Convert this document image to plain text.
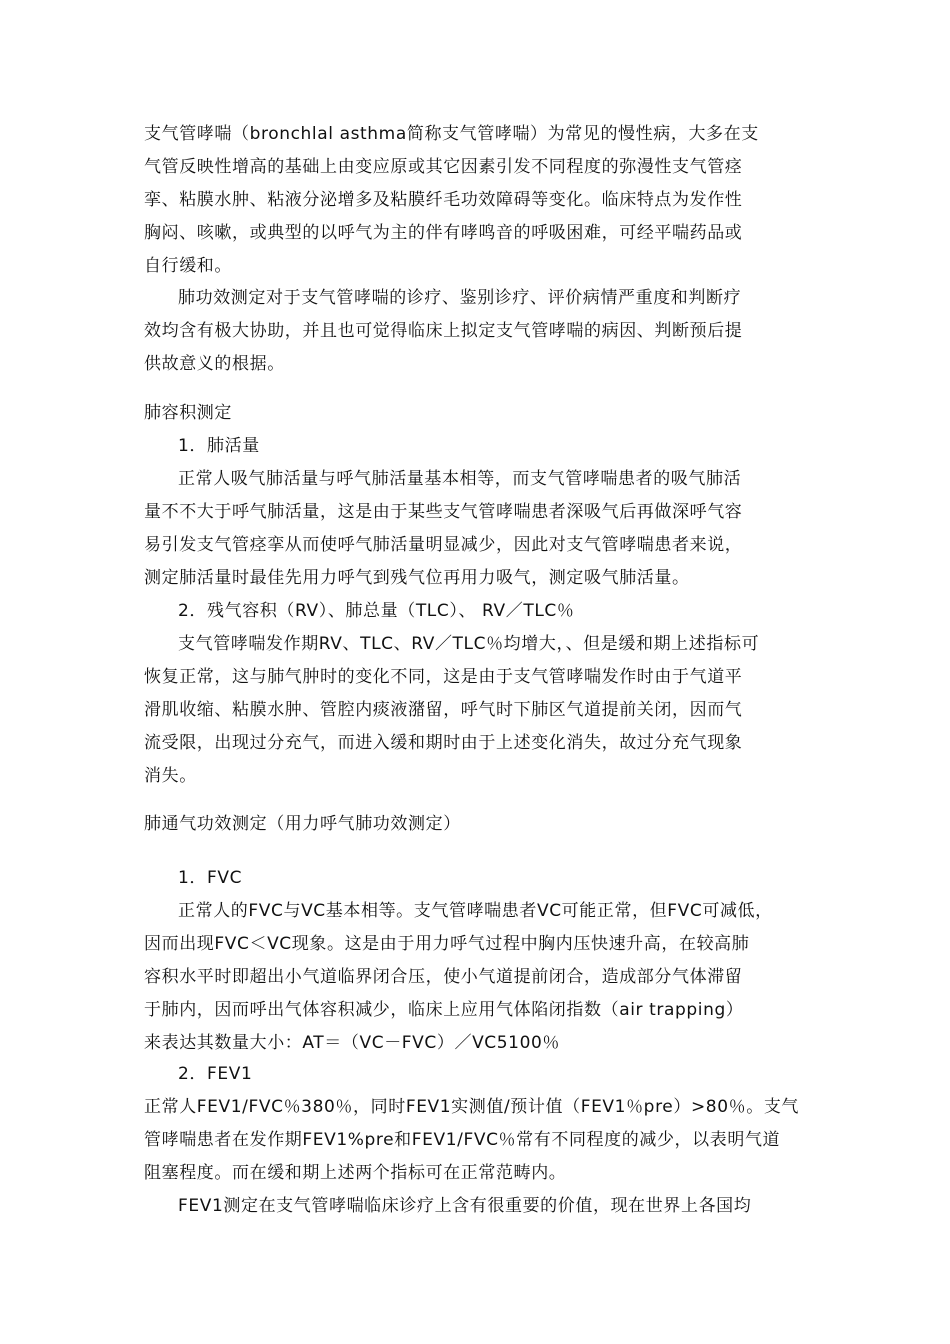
支气管哮喘（bronchlal asthma简称支气管哮喘）为常见的慢性病，大多在支
气管反映性增高的基础上由变应原或其它因素引发不同程度的弥漫性支气管痉
挛、粘膜水肿、粘液分泌增多及粘膜纤毛功效障碍等变化。临床特点为发作性
胸闷、咳嗽，或典型的以呼气为主的伴有哮鸣音的呼吸困难，可经平喘药品或
自行缓和。
肺功效测定对于支气管哮喘的诊疗、鉴别诊疗、评价病情严重度和判断疗
效均含有极大协助，并且也可觉得临床上拟定支气管哮喘的病因、判断预后提
供故意义的根据。
肺容积测定
1．肺活量
正常人吸气肺活量与呼气肺活量基本相等，而支气管哮喘患者的吸气肺活
量不不大于呼气肺活量，这是由于某些支气管哮喘患者深吸气后再做深呼气容
易引发支气管痉挛从而使呼气肺活量明显减少，因此对支气管哮喘患者来说，
测定肺活量时最佳先用力呼气到残气位再用力吸气，测定吸气肺活量。
2．残气容积（RV）、肺总量（TLC）、 RV／TLC％
支气管哮喘发作期RV、TLC、RV／TLC％均增大，、但是缓和期上述指标可
恢复正常，这与肺气肿时的变化不同，这是由于支气管哮喘发作时由于气道平
滑肌收缩、粘膜水肿、管腔内痰液潴留，呼气时下肺区气道提前关闭，因而气
流受限，出现过分充气，而进入缓和期时由于上述变化消失，故过分充气现象
消失。
肺通气功效测定（用力呼气肺功效测定）
1．FVC
正常人的FVC与VC基本相等。支气管哮喘患者VC可能正常，但FVC可减低，
因而出现FVC＜VC现象。这是由于用力呼气过程中胸内压快速升高，在较高肺
容积水平时即超出小气道临界闭合压，使小气道提前闭合，造成部分气体滞留
于肺内，因而呼出气体容积减少，临床上应用气体陷闭指数（air trapping）
来表达其数量大小：AT＝（VC－FVC）／VC5100％
2．FEV1
正常人FEV1/FVC％380％，同时FEV1实测值/预计值（FEV1％pre）>80％。支气
管哮喘患者在发作期FEV1%pre和FEV1/FVC％常有不同程度的减少，以表明气道
阻塞程度。而在缓和期上述两个指标可在正常范畴内。
FEV1测定在支气管哮喘临床诊疗上含有很重要的价值，现在世界上各国均
